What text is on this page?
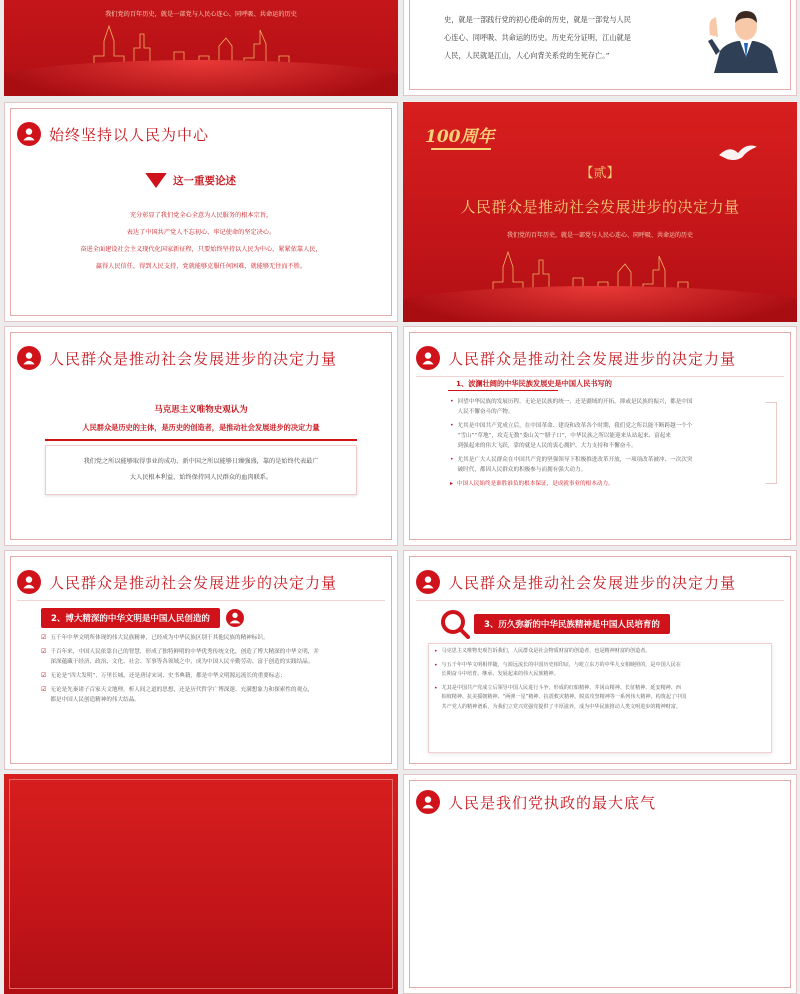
我们党的百年历史，就是一部党与人民心连心、同呼吸、共命运的历史
史，就是一部践行党的初心使命的历史，就是一部党与人民
心连心、同呼吸、共命运的历史。历史充分证明，江山就是
人民，人民就是江山，人心向背关系党的生死存亡。”
始终坚持以人民为中心
这一重要论述
充分彰显了我们党全心全意为人民服务的根本宗旨，
表达了中国共产党人不忘初心、牢记使命的坚定决心。
奋进全面建设社会主义现代化国家新征程，只要始终坚持以人民为中心，紧紧依靠人民，
赢得人民信任，得到人民支持，党就能够克服任何困难，就能够无往而不胜。
100周年
【贰】
人民群众是推动社会发展进步的决定力量
我们党的百年历史，就是一部党与人民心连心、同呼吸、共命运的历史
人民群众是推动社会发展进步的决定力量
马克思主义唯物史观认为
人民群众是历史的主体，是历史的创造者，是推动社会发展进步的决定力量
我们党之所以能够取得事业的成功、新中国之所以能够日臻强盛，靠的是始终代表最广
大人民根本利益，始终保持同人民群众的血肉联系。
人民群众是推动社会发展进步的决定力量
1、波澜壮阔的中华民族发展史是中国人民书写的
• 回望中华民族的发展历程，无论是民族的统一，还是疆域的开拓，抑或是民族的振兴，都是中国
人民不懈奋斗的产物。
• 尤其是中国共产党成立后，在中国革命、建设和改革各个时期，我们党之所以能不断跨越一个个
“雪山”“草地”，攻克无数“娄山关”“腊子口”，中华民族之所以能迎来从站起来、富起来
到强起来的伟大飞跃，靠的就是人民的衷心拥护、大力支持和不懈奋斗。
• 尤其是广大人民群众在中国共产党的坚强领导下积极推进改革开放，一项项改革被冲、一次次突
破时代，都因人民群众的积极参与而拥有强大动力。
▸ 中国人民始终是谁胜谁负的根本保证，是成就事业的根本动力。
人民群众是推动社会发展进步的决定力量
2、博大精深的中华文明是中国人民创造的
☑ 五千年中华文明所体现的伟大民族精神，已经成为中华民族区别于其他民族的精神标识。
☑ 千百年来，中国人民依靠自己的智慧，形成了独特鲜明的中华优秀传统文化，创造了博大精深的中华文明，并
深深蕴藏于经济、政治、文化、社会、军事等各领域之中，成为中国人民辛勤劳动、富于创造的实践结晶。
☑ 无论是“四大发明”，万里长城，还是唐诗宋词、史书典籍，都是中华文明源远流长的重要标志；
☑ 无论是先秦诸子百家天文地理，析人间之道的思想，还是历代哲学广博深邃、充满想象力和探索性的观点，
都是中国人民创造精神的伟大结晶。
人民群众是推动社会发展进步的决定力量
3、历久弥新的中华民族精神是中国人民培育的
• 马克思主义唯物史观告诉我们，人民群众是社会物质财富的创造者，也是精神财富的创造者。
• 与五千年中华文明相伴随，与源远流长的中国历史相印证，与屹立东方的中华儿女相映照的，是中国人民在
长期奋斗中培育、继承、发展起来的伟大民族精神。
• 尤其是中国共产党成立后领导中国人民进行斗争，形成的红船精神、井冈山精神、长征精神、延安精神、西
柏坡精神、抗美援朝精神、“两弹一星”精神、抗震救灾精神、脱贫攻坚精神等一系列伟大精神，构筑起了中国
共产党人的精神谱系，为我们立党兴党强党提供了丰厚滋养，成为中华民族推动人类文明进步的精神财富。
人民是我们党执政的最大底气
